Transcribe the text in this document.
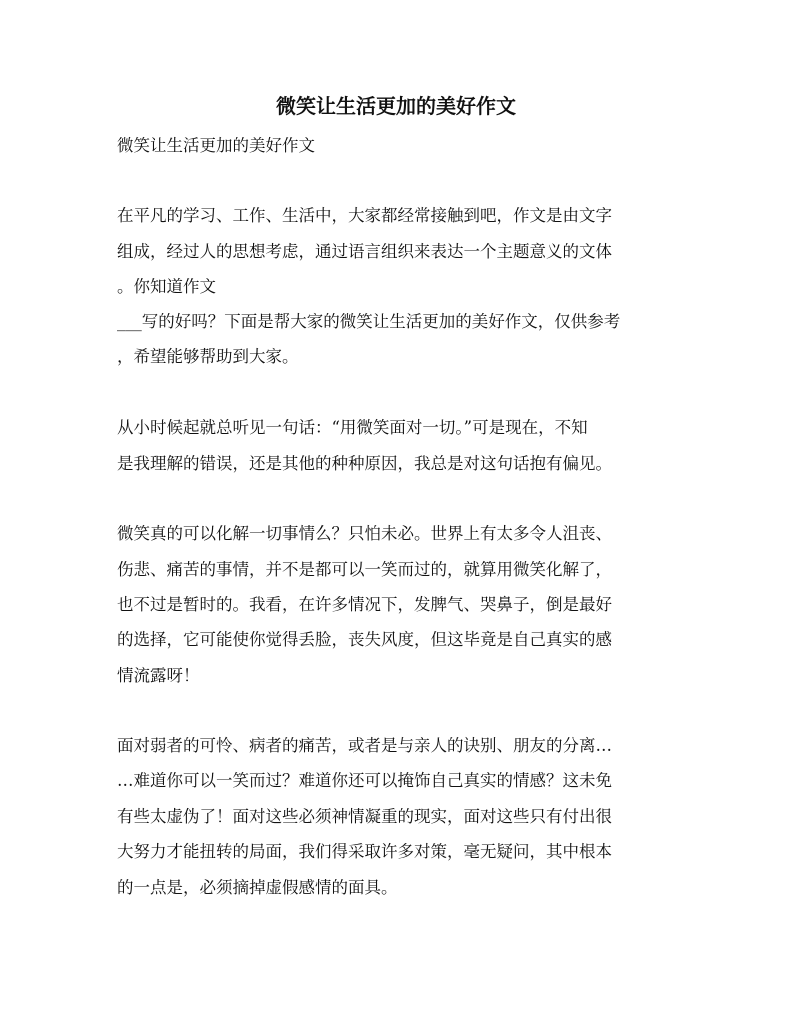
微笑让生活更加的美好作文
微笑让生活更加的美好作文
在平凡的学习、工作、生活中，大家都经常接触到吧，作文是由文字
组成，经过人的思想考虑，通过语言组织来表达一个主题意义的文体
。你知道作文
___写的好吗？下面是帮大家的微笑让生活更加的美好作文，仅供参考
，希望能够帮助到大家。
从小时候起就总听见一句话：“用微笑面对一切。”可是现在，不知
是我理解的错误，还是其他的种种原因，我总是对这句话抱有偏见。
微笑真的可以化解一切事情么？只怕未必。世界上有太多令人沮丧、
伤悲、痛苦的事情，并不是都可以一笑而过的，就算用微笑化解了，
也不过是暂时的。我看，在许多情况下，发脾气、哭鼻子，倒是最好
的选择，它可能使你觉得丢脸，丧失风度，但这毕竟是自己真实的感
情流露呀！
面对弱者的可怜、病者的痛苦，或者是与亲人的诀别、朋友的分离…
…难道你可以一笑而过？难道你还可以掩饰自己真实的情感？这未免
有些太虚伪了！面对这些必须神情凝重的现实，面对这些只有付出很
大努力才能扭转的局面，我们得采取许多对策，毫无疑问，其中根本
的一点是，必须摘掉虚假感情的面具。
